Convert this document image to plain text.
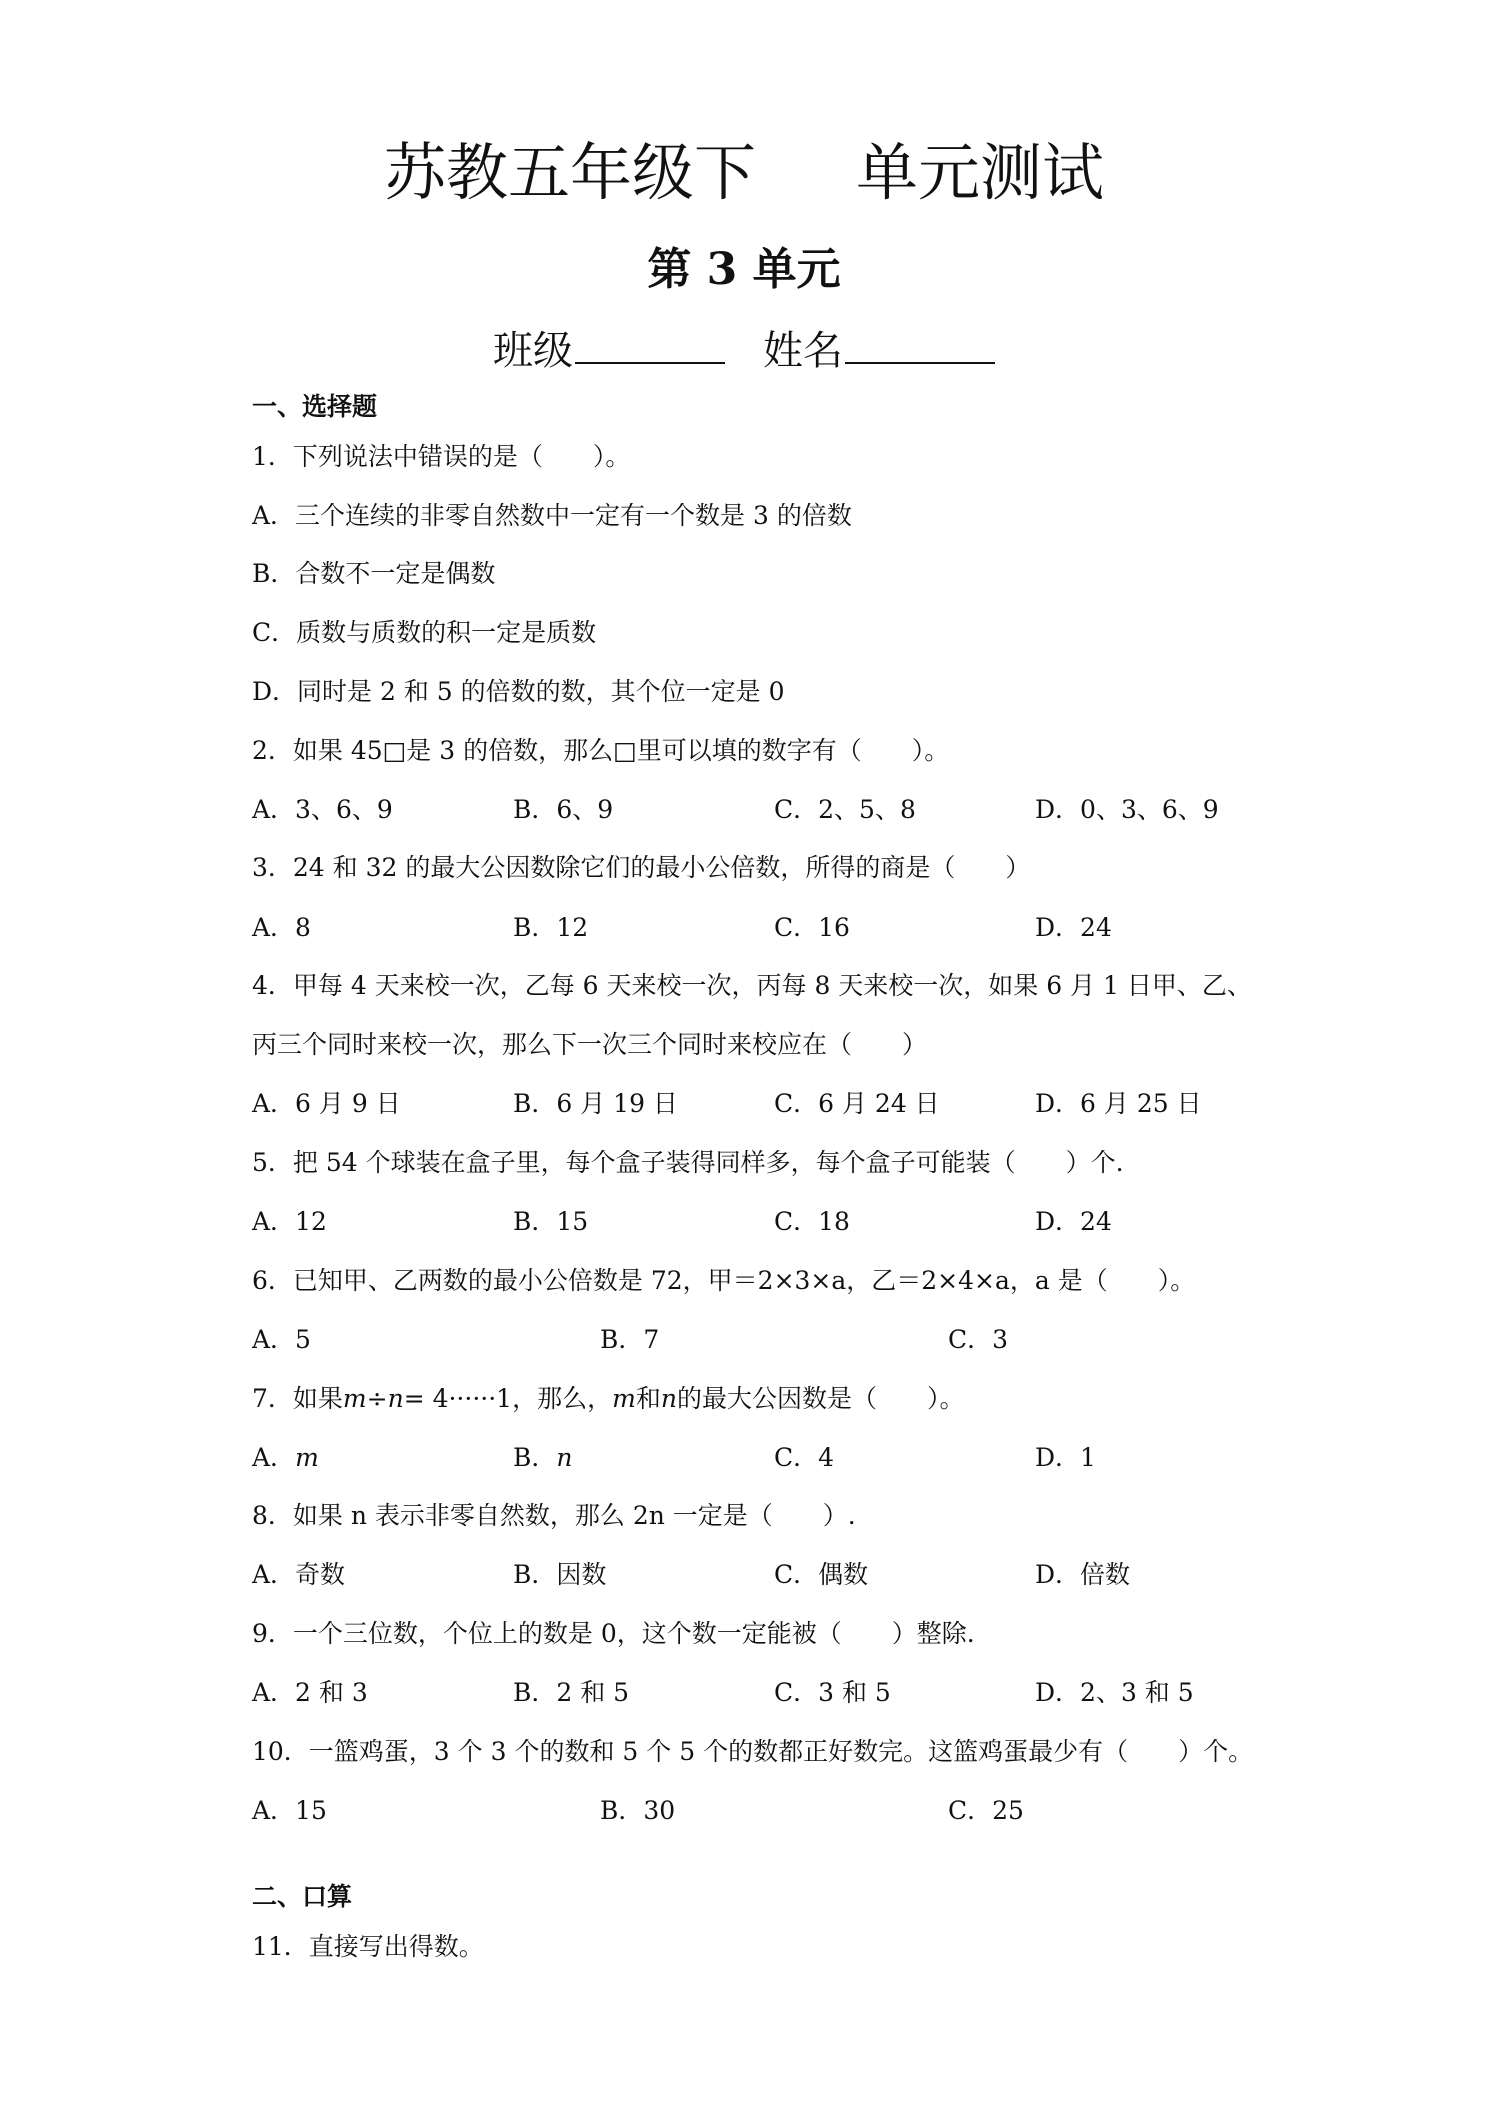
苏教五年级下 单元测试
第 3 单元
班级	姓名
一、选择题
1．下列说法中错误的是（　　）。
A．三个连续的非零自然数中一定有一个数是 3 的倍数
B．合数不一定是偶数
C．质数与质数的积一定是质数
D．同时是 2 和 5 的倍数的数，其个位一定是 0
2．如果 45□是 3 的倍数，那么□里可以填的数字有（　　）。
A．3、6、9	B．6、9	C．2、5、8	D．0、3、6、9
3．24 和 32 的最大公因数除它们的最小公倍数，所得的商是（　　）
A．8	B．12	C．16	D．24
4．甲每 4 天来校一次，乙每 6 天来校一次，丙每 8 天来校一次，如果 6 月 1 日甲、乙、
丙三个同时来校一次，那么下一次三个同时来校应在（　　）
A．6 月 9 日	B．6 月 19 日	C．6 月 24 日	D．6 月 25 日
5．把 54 个球装在盒子里，每个盒子装得同样多，每个盒子可能装（　　）个.
A．12	B．15	C．18	D．24
6．已知甲、乙两数的最小公倍数是 72，甲＝2×3×a，乙＝2×4×a，a 是（　　）。
A．5	B．7	C．3
7．如果m÷n= 4······1，那么，m和n的最大公因数是（　　）。
A．m	B．n	C．4	D．1
8．如果 n 表示非零自然数，那么 2n 一定是（　　）.
A．奇数	B．因数	C．偶数	D．倍数
9．一个三位数，个位上的数是 0，这个数一定能被（　　）整除.
A．2 和 3	B．2 和 5	C．3 和 5	D．2、3 和 5
10．一篮鸡蛋，3 个 3 个的数和 5 个 5 个的数都正好数完。这篮鸡蛋最少有（　　）个。
A．15	B．30	C．25
二、口算
11．直接写出得数。
